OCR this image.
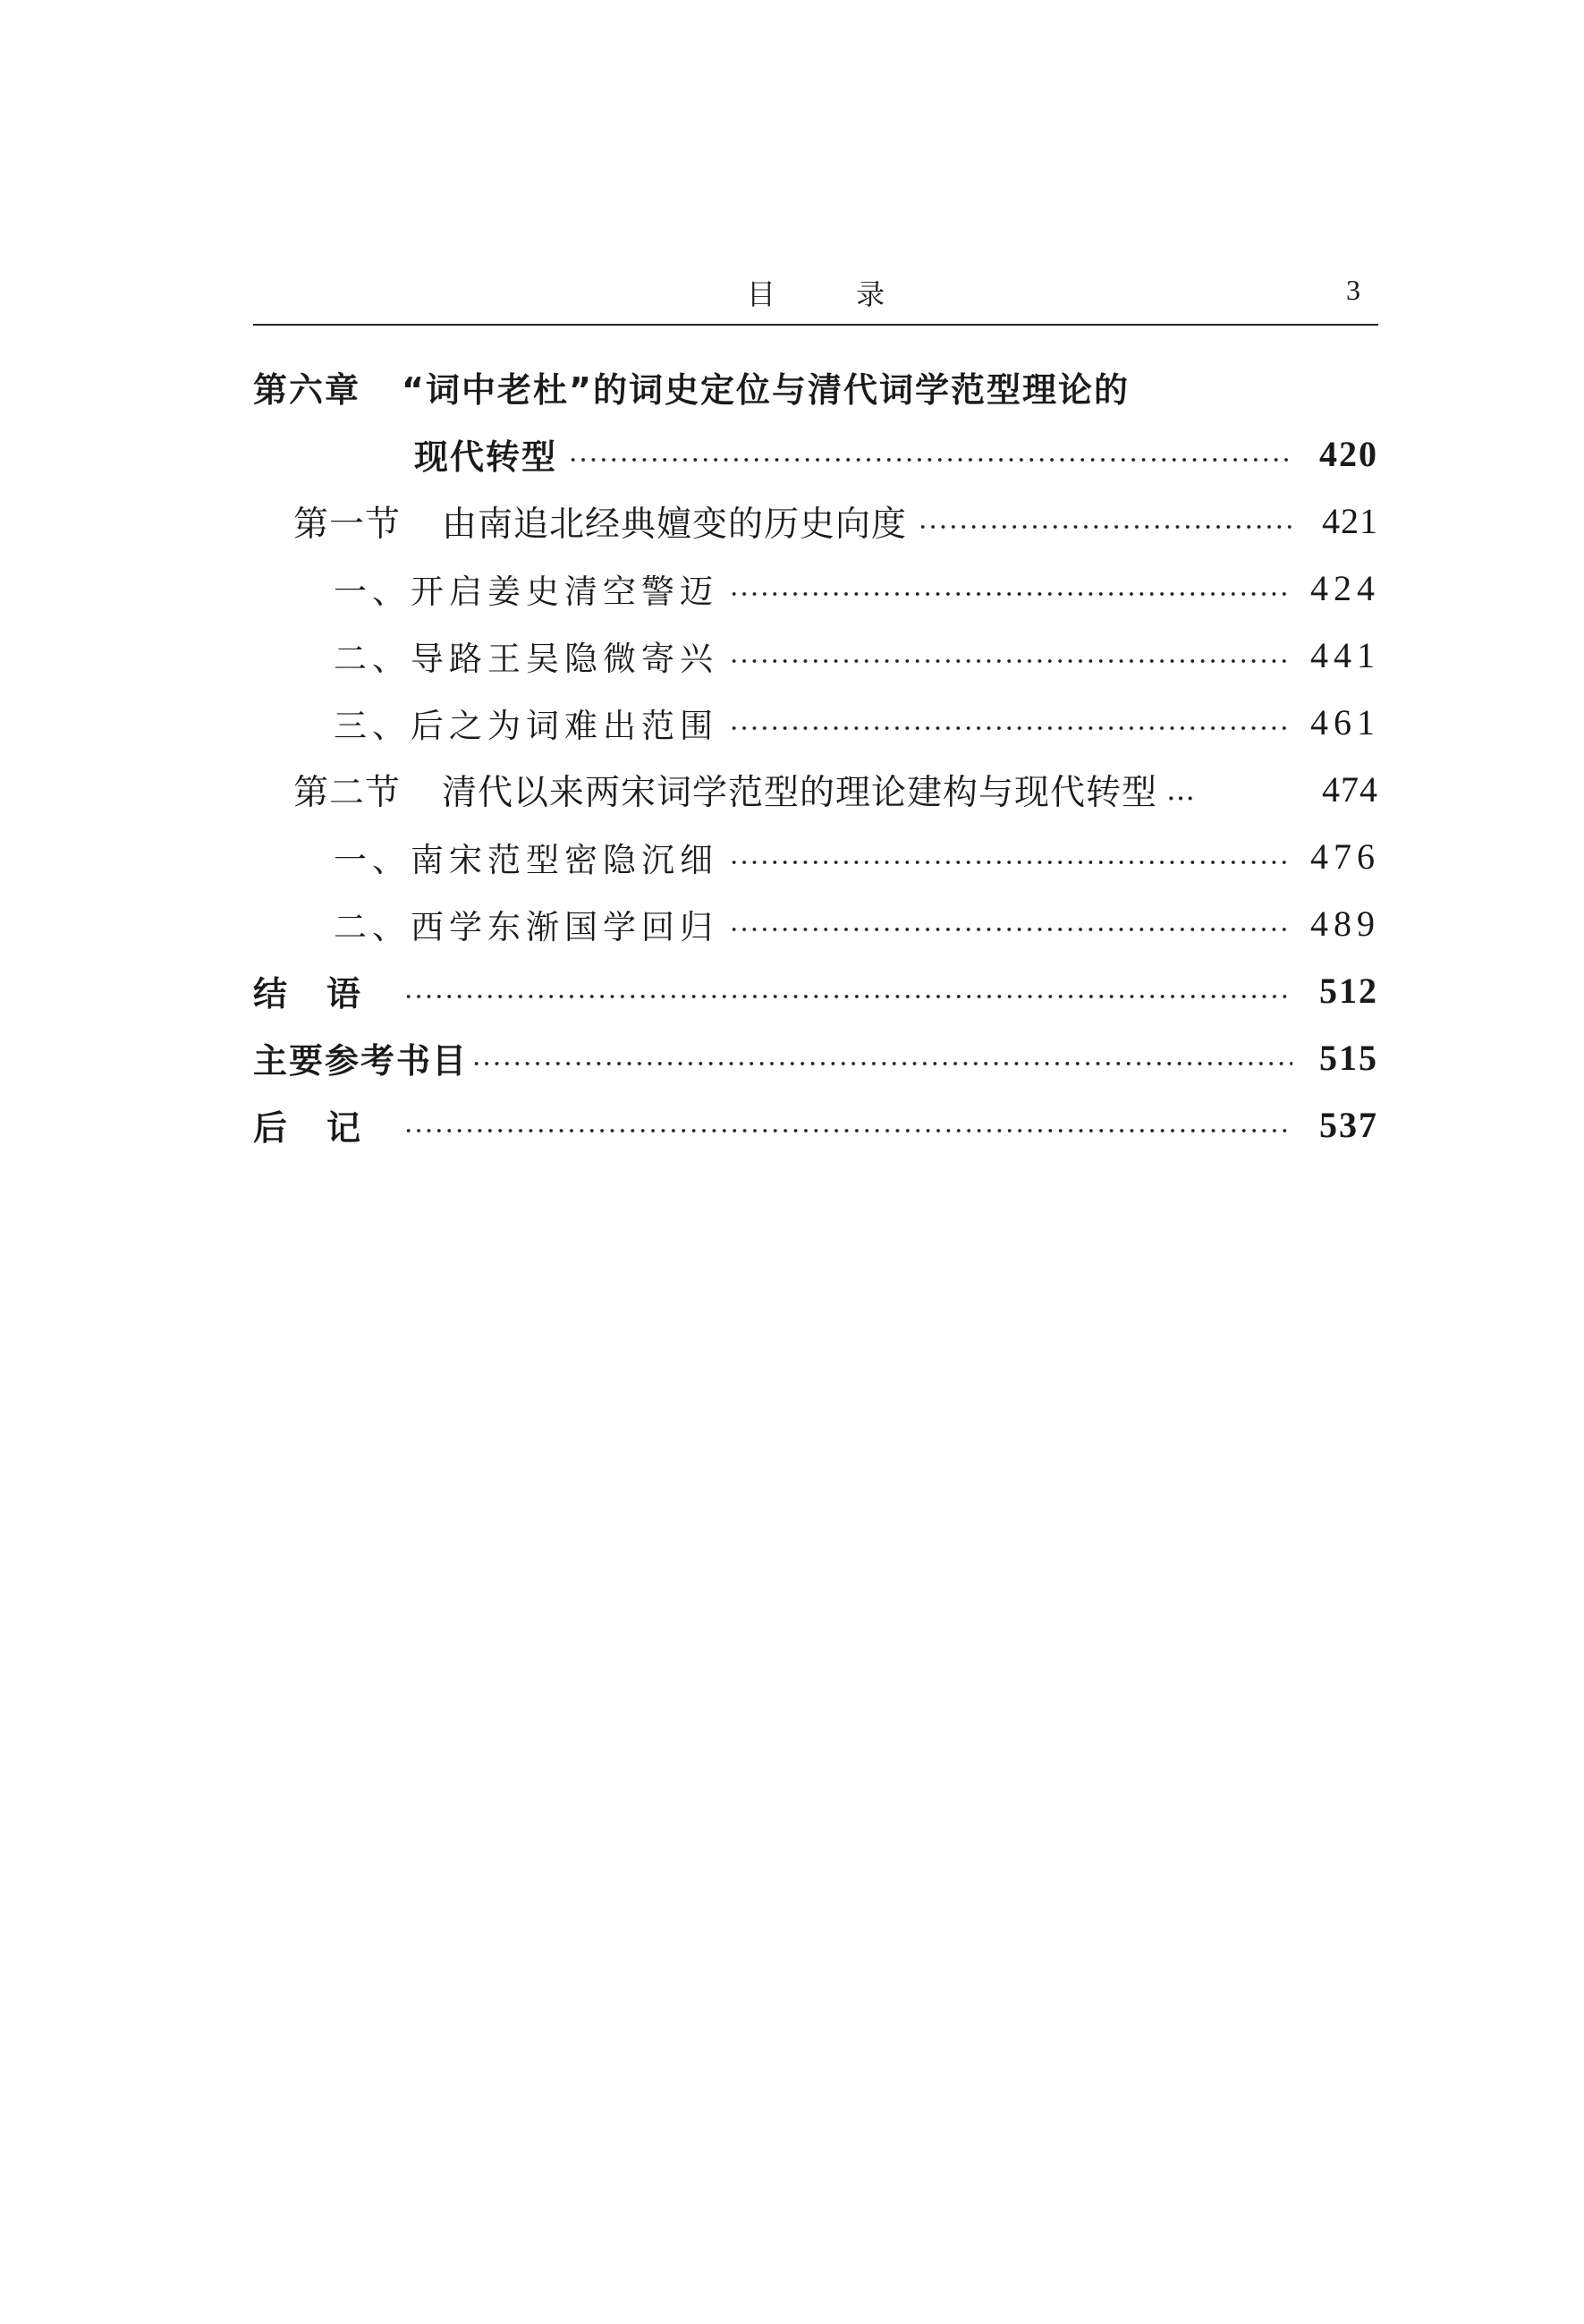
目 录	3
第六章 “词中老杜”的词史定位与清代词学范型理论的
现代转型	420
第一节 由南追北经典嬗变的历史向度	421
一、开启姜史清空警迈	424
二、导路王吴隐微寄兴	441
三、后之为词难出范围	461
第二节 清代以来两宋词学范型的理论建构与现代转型 …	474
一、南宋范型密隐沉细	476
二、西学东渐国学回归	489
结语	512
主要参考书目	515
后记	537
